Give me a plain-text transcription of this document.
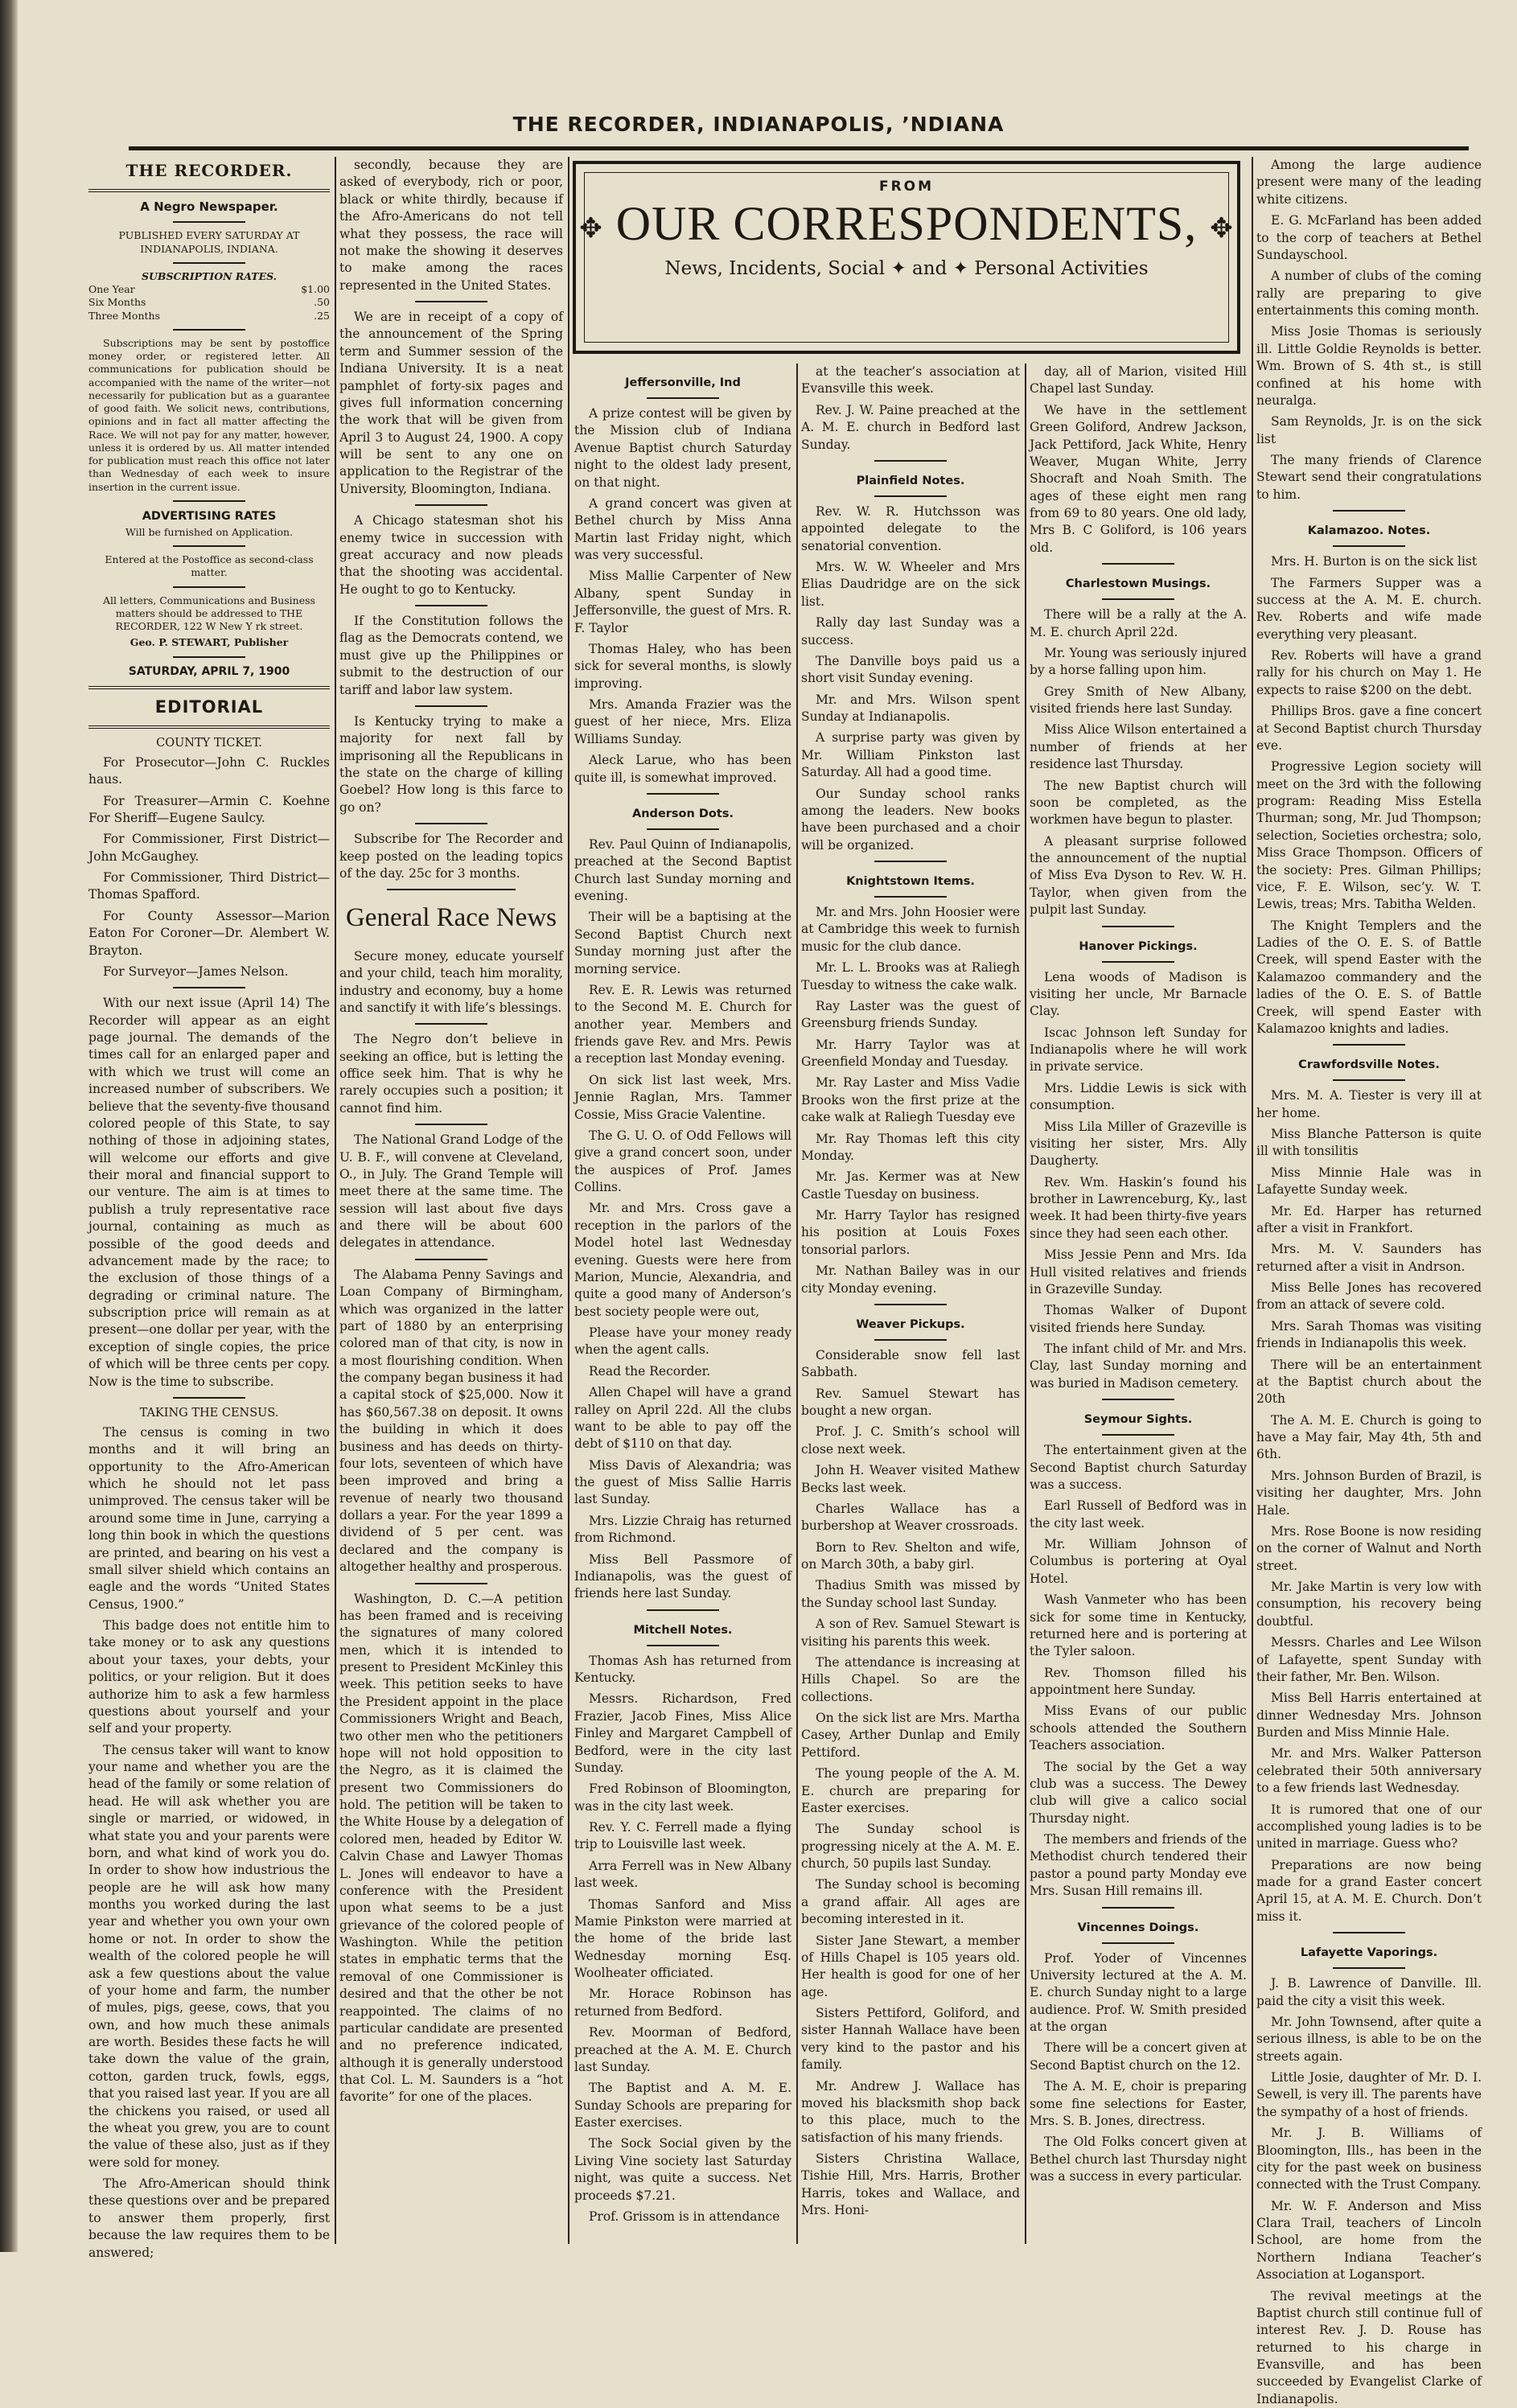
THE RECORDER, INDIANAPOLIS, ’NDIANA
THE RECORDER.
A Negro Newspaper.
PUBLISHED EVERY SATURDAY AT INDIANAPOLIS, INDIANA.
SUBSCRIPTION RATES.
One Year	$1.00
Six Months	.50
Three Months	.25

Subscriptions may be sent by postoffice money order, or registered letter. All communications for publication should be accompanied with the name of the writer—not necessarily for publication but as a guarantee of good faith. We solicit news, contributions, opinions and in fact all matter affecting the Race. We will not pay for any matter, however, unless it is ordered by us. All matter intended for publication must reach this office not later than Wednesday of each week to insure insertion in the current issue.

ADVERTISING RATES
Will be furnished on Application.
Entered at the Postoffice as second-class matter.
All letters, Communications and Business matters should be addressed to THE RECORDER, 122 W New Y rk street.
Geo. P. STEWART, Publisher
SATURDAY, APRIL 7, 1900
EDITORIAL
COUNTY TICKET.

For Prosecutor—John C. Ruckles haus.

For Treasurer—Armin C. Koehne For Sheriff—Eugene Saulcy.

For Commissioner, First District—John McGaughey.

For Commissioner, Third District—Thomas Spafford.

For County Assessor—Marion Eaton For Coroner—Dr. Alembert W. Brayton.

For Surveyor—James Nelson.

With our next issue (April 14) The Recorder will appear as an eight page journal. The demands of the times call for an enlarged paper and with which we trust will come an increased number of subscribers. We believe that the seventy-five thousand colored people of this State, to say nothing of those in adjoining states, will welcome our efforts and give their moral and financial support to our venture. The aim is at times to publish a truly representative race journal, containing as much as possible of the good deeds and advancement made by the race; to the exclusion of those things of a degrading or criminal nature. The subscription price will remain as at present—one dollar per year, with the exception of single copies, the price of which will be three cents per copy. Now is the time to subscribe.

TAKING THE CENSUS.

The census is coming in two months and it will bring an opportunity to the Afro-American which he should not let pass unimproved. The census taker will be around some time in June, carrying a long thin book in which the questions are printed, and bearing on his vest a small silver shield which contains an eagle and the words “United States Census, 1900.”

This badge does not entitle him to take money or to ask any questions about your taxes, your debts, your politics, or your religion. But it does authorize him to ask a few harmless questions about yourself and your self and your property.

The census taker will want to know your name and whether you are the head of the family or some relation of head. He will ask whether you are single or married, or widowed, in what state you and your parents were born, and what kind of work you do. In order to show how industrious the people are he will ask how many months you worked during the last year and whether you own your own home or not. In order to show the wealth of the colored people he will ask a few questions about the value of your home and farm, the number of mules, pigs, geese, cows, that you own, and how much these animals are worth. Besides these facts he will take down the value of the grain, cotton, garden truck, fowls, eggs, that you raised last year. If you are all the chickens you raised, or used all the wheat you grew, you are to count the value of these also, just as if they were sold for money.

The Afro-American should think these questions over and be prepared to answer them properly, first because the law requires them to be answered;

secondly, because they are asked of everybody, rich or poor, black or white thirdly, because if the Afro-Americans do not tell what they possess, the race will not make the showing it deserves to make among the races represented in the United States.

We are in receipt of a copy of the announcement of the Spring term and Summer session of the Indiana University. It is a neat pamphlet of forty-six pages and gives full information concerning the work that will be given from April 3 to August 24, 1900. A copy will be sent to any one on application to the Registrar of the University, Bloomington, Indiana.

A Chicago statesman shot his enemy twice in succession with great accuracy and now pleads that the shooting was accidental. He ought to go to Kentucky.

If the Constitution follows the flag as the Democrats contend, we must give up the Philippines or submit to the destruction of our tariff and labor law system.

Is Kentucky trying to make a majority for next fall by imprisoning all the Republicans in the state on the charge of killing Goebel? How long is this farce to go on?

Subscribe for The Recorder and keep posted on the leading topics of the day. 25c for 3 months.

General Race News

Secure money, educate yourself and your child, teach him morality, industry and economy, buy a home and sanctify it with life’s blessings.

The Negro don’t believe in seeking an office, but is letting the office seek him. That is why he rarely occupies such a position; it cannot find him.

The National Grand Lodge of the U. B. F., will convene at Cleveland, O., in July. The Grand Temple will meet there at the same time. The session will last about five days and there will be about 600 delegates in attendance.

The Alabama Penny Savings and Loan Company of Birmingham, which was organized in the latter part of 1880 by an enterprising colored man of that city, is now in a most flourishing condition. When the company began business it had a capital stock of $25,000. Now it has $60,567.38 on deposit. It owns the building in which it does business and has deeds on thirty-four lots, seventeen of which have been improved and bring a revenue of nearly two thousand dollars a year. For the year 1899 a dividend of 5 per cent. was declared and the company is altogether healthy and prosperous.

Washington, D. C.—A petition has been framed and is receiving the signatures of many colored men, which it is intended to present to President McKinley this week. This petition seeks to have the President appoint in the place Commissioners Wright and Beach, two other men who the petitioners hope will not hold opposition to the Negro, as it is claimed the present two Commissioners do hold. The petition will be taken to the White House by a delegation of colored men, headed by Editor W. Calvin Chase and Lawyer Thomas L. Jones will endeavor to have a conference with the President upon what seems to be a just grievance of the colored people of Washington. While the petition states in emphatic terms that the removal of one Commissioner is desired and that the other be not reappointed. The claims of no particular candidate are presented and no preference indicated, although it is generally understood that Col. L. M. Saunders is a “hot favorite” for one of the places.

FROM
✥ OUR CORRESPONDENTS, ✥
News, Incidents, Social ✦ and ✦ Personal Activities
Jeffersonville, Ind

A prize contest will be given by the Mission club of Indiana Avenue Baptist church Saturday night to the oldest lady present, on that night.

A grand concert was given at Bethel church by Miss Anna Martin last Friday night, which was very successful.

Miss Mallie Carpenter of New Albany, spent Sunday in Jeffersonville, the guest of Mrs. R. F. Taylor

Thomas Haley, who has been sick for several months, is slowly improving.

Mrs. Amanda Frazier was the guest of her niece, Mrs. Eliza Williams Sunday.

Aleck Larue, who has been quite ill, is somewhat improved.

Anderson Dots.

Rev. Paul Quinn of Indianapolis, preached at the Second Baptist Church last Sunday morning and evening.

Their will be a baptising at the Second Baptist Church next Sunday morning just after the morning service.

Rev. E. R. Lewis was returned to the Second M. E. Church for another year. Members and friends gave Rev. and Mrs. Pewis a reception last Monday evening.

On sick list last week, Mrs. Jennie Raglan, Mrs. Tammer Cossie, Miss Gracie Valentine.

The G. U. O. of Odd Fellows will give a grand concert soon, under the auspices of Prof. James Collins.

Mr. and Mrs. Cross gave a reception in the parlors of the Model hotel last Wednesday evening. Guests were here from Marion, Muncie, Alexandria, and quite a good many of Anderson’s best society people were out,

Please have your money ready when the agent calls.

Read the Recorder.

Allen Chapel will have a grand ralley on April 22d. All the clubs want to be able to pay off the debt of $110 on that day.

Miss Davis of Alexandria; was the guest of Miss Sallie Harris last Sunday.

Mrs. Lizzie Chraig has returned from Richmond.

Miss Bell Passmore of Indianapolis, was the guest of friends here last Sunday.

Mitchell Notes.

Thomas Ash has returned from Kentucky.

Messrs. Richardson, Fred Frazier, Jacob Fines, Miss Alice Finley and Margaret Campbell of Bedford, were in the city last Sunday.

Fred Robinson of Bloomington, was in the city last week.

Rev. Y. C. Ferrell made a flying trip to Louisville last week.

Arra Ferrell was in New Albany last week.

Thomas Sanford and Miss Mamie Pinkston were married at the home of the bride last Wednesday morning Esq. Woolheater officiated.

Mr. Horace Robinson has returned from Bedford.

Rev. Moorman of Bedford, preached at the A. M. E. Church last Sunday.

The Baptist and A. M. E. Sunday Schools are preparing for Easter exercises.

The Sock Social given by the Living Vine society last Saturday night, was quite a success. Net proceeds $7.21.

Prof. Grissom is in attendance

at the teacher’s association at Evansville this week.

Rev. J. W. Paine preached at the A. M. E. church in Bedford last Sunday.

Plainfield Notes.

Rev. W. R. Hutchsson was appointed delegate to the senatorial convention.

Mrs. W. W. Wheeler and Mrs Elias Daudridge are on the sick list.

Rally day last Sunday was a success.

The Danville boys paid us a short visit Sunday evening.

Mr. and Mrs. Wilson spent Sunday at Indianapolis.

A surprise party was given by Mr. William Pinkston last Saturday. All had a good time.

Our Sunday school ranks among the leaders. New books have been purchased and a choir will be organized.

Knightstown Items.

Mr. and Mrs. John Hoosier were at Cambridge this week to furnish music for the club dance.

Mr. L. L. Brooks was at Raliegh Tuesday to witness the cake walk.

Ray Laster was the guest of Greensburg friends Sunday.

Mr. Harry Taylor was at Greenfield Monday and Tuesday.

Mr. Ray Laster and Miss Vadie Brooks won the first prize at the cake walk at Raliegh Tuesday eve

Mr. Ray Thomas left this city Monday.

Mr. Jas. Kermer was at New Castle Tuesday on business.

Mr. Harry Taylor has resigned his position at Louis Foxes tonsorial parlors.

Mr. Nathan Bailey was in our city Monday evening.

Weaver Pickups.

Considerable snow fell last Sabbath.

Rev. Samuel Stewart has bought a new organ.

Prof. J. C. Smith’s school will close next week.

John H. Weaver visited Mathew Becks last week.

Charles Wallace has a burbershop at Weaver crossroads.

Born to Rev. Shelton and wife, on March 30th, a baby girl.

Thadius Smith was missed by the Sunday school last Sunday.

A son of Rev. Samuel Stewart is visiting his parents this week.

The attendance is increasing at Hills Chapel. So are the collections.

On the sick list are Mrs. Martha Casey, Arther Dunlap and Emily Pettiford.

The young people of the A. M. E. church are preparing for Easter exercises.

The Sunday school is progressing nicely at the A. M. E. church, 50 pupils last Sunday.

The Sunday school is becoming a grand affair. All ages are becoming interested in it.

Sister Jane Stewart, a member of Hills Chapel is 105 years old. Her health is good for one of her age.

Sisters Pettiford, Goliford, and sister Hannah Wallace have been very kind to the pastor and his family.

Mr. Andrew J. Wallace has moved his blacksmith shop back to this place, much to the satisfaction of his many friends.

Sisters Christina Wallace, Tishie Hill, Mrs. Harris, Brother Harris, tokes and Wallace, and Mrs. Honi-

day, all of Marion, visited Hill Chapel last Sunday.

We have in the settlement Green Goliford, Andrew Jackson, Jack Pettiford, Jack White, Henry Weaver, Mugan White, Jerry Shocraft and Noah Smith. The ages of these eight men rang from 69 to 80 years. One old lady, Mrs B. C Goliford, is 106 years old.

Charlestown Musings.

There will be a rally at the A. M. E. church April 22d.

Mr. Young was seriously injured by a horse falling upon him.

Grey Smith of New Albany, visited friends here last Sunday.

Miss Alice Wilson entertained a number of friends at her residence last Thursday.

The new Baptist church will soon be completed, as the workmen have begun to plaster.

A pleasant surprise followed the announcement of the nuptial of Miss Eva Dyson to Rev. W. H. Taylor, when given from the pulpit last Sunday.

Hanover Pickings.

Lena woods of Madison is visiting her uncle, Mr Barnacle Clay.

Iscac Johnson left Sunday for Indianapolis where he will work in private service.

Mrs. Liddie Lewis is sick with consumption.

Miss Lila Miller of Grazeville is visiting her sister, Mrs. Ally Daugherty.

Rev. Wm. Haskin’s found his brother in Lawrenceburg, Ky., last week. It had been thirty-five years since they had seen each other.

Miss Jessie Penn and Mrs. Ida Hull visited relatives and friends in Grazeville Sunday.

Thomas Walker of Dupont visited friends here Sunday.

The infant child of Mr. and Mrs. Clay, last Sunday morning and was buried in Madison cemetery.

Seymour Sights.

The entertainment given at the Second Baptist church Saturday was a success.

Earl Russell of Bedford was in the city last week.

Mr. William Johnson of Columbus is portering at Oyal Hotel.

Wash Vanmeter who has been sick for some time in Kentucky, returned here and is portering at the Tyler saloon.

Rev. Thomson filled his appointment here Sunday.

Miss Evans of our public schools attended the Southern Teachers association.

The social by the Get a way club was a success. The Dewey club will give a calico social Thursday night.

The members and friends of the Methodist church tendered their pastor a pound party Monday eve Mrs. Susan Hill remains ill.

Vincennes Doings.

Prof. Yoder of Vincennes University lectured at the A. M. E. church Sunday night to a large audience. Prof. W. Smith presided at the organ

There will be a concert given at Second Baptist church on the 12.

The A. M. E, choir is preparing some fine selections for Easter, Mrs. S. B. Jones, directress.

The Old Folks concert given at Bethel church last Thursday night was a success in every particular.

Among the large audience present were many of the leading white citizens.

E. G. McFarland has been added to the corp of teachers at Bethel Sundayschool.

A number of clubs of the coming rally are preparing to give entertainments this coming month.

Miss Josie Thomas is seriously ill. Little Goldie Reynolds is better. Wm. Brown of S. 4th st., is still confined at his home with neuralga.

Sam Reynolds, Jr. is on the sick list

The many friends of Clarence Stewart send their congratulations to him.

Kalamazoo. Notes.

Mrs. H. Burton is on the sick list

The Farmers Supper was a success at the A. M. E. church. Rev. Roberts and wife made everything very pleasant.

Rev. Roberts will have a grand rally for his church on May 1. He expects to raise $200 on the debt.

Phillips Bros. gave a fine concert at Second Baptist church Thursday eve.

Progressive Legion society will meet on the 3rd with the following program: Reading Miss Estella Thurman; song, Mr. Jud Thompson; selection, Societies orchestra; solo, Miss Grace Thompson. Officers of the society: Pres. Gilman Phillips; vice, F. E. Wilson, sec’y. W. T. Lewis, treas; Mrs. Tabitha Welden.

The Knight Templers and the Ladies of the O. E. S. of Battle Creek, will spend Easter with the Kalamazoo commandery and the ladies of the O. E. S. of Battle Creek, will spend Easter with Kalamazoo knights and ladies.

Crawfordsville Notes.

Mrs. M. A. Tiester is very ill at her home.

Miss Blanche Patterson is quite ill with tonsilitis

Miss Minnie Hale was in Lafayette Sunday week.

Mr. Ed. Harper has returned after a visit in Frankfort.

Mrs. M. V. Saunders has returned after a visit in Andrson.

Miss Belle Jones has recovered from an attack of severe cold.

Mrs. Sarah Thomas was visiting friends in Indianapolis this week.

There will be an entertainment at the Baptist church about the 20th

The A. M. E. Church is going to have a May fair, May 4th, 5th and 6th.

Mrs. Johnson Burden of Brazil, is visiting her daughter, Mrs. John Hale.

Mrs. Rose Boone is now residing on the corner of Walnut and North street.

Mr. Jake Martin is very low with consumption, his recovery being doubtful.

Messrs. Charles and Lee Wilson of Lafayette, spent Sunday with their father, Mr. Ben. Wilson.

Miss Bell Harris entertained at dinner Wednesday Mrs. Johnson Burden and Miss Minnie Hale.

Mr. and Mrs. Walker Patterson celebrated their 50th anniversary to a few friends last Wednesday.

It is rumored that one of our accomplished young ladies is to be united in marriage. Guess who?

Preparations are now being made for a grand Easter concert April 15, at A. M. E. Church. Don’t miss it.

Lafayette Vaporings.

J. B. Lawrence of Danville. Ill. paid the city a visit this week.

Mr. John Townsend, after quite a serious illness, is able to be on the streets again.

Little Josie, daughter of Mr. D. I. Sewell, is very ill. The parents have the sympathy of a host of friends.

Mr. J. B. Williams of Bloomington, Ills., has been in the city for the past week on business connected with the Trust Company.

Mr. W. F. Anderson and Miss Clara Trail, teachers of Lincoln School, are home from the Northern Indiana Teacher’s Association at Logansport.

The revival meetings at the Baptist church still continue full of interest Rev. J. D. Rouse has returned to his charge in Evansville, and has been succeeded by Evangelist Clarke of Indianapolis.
